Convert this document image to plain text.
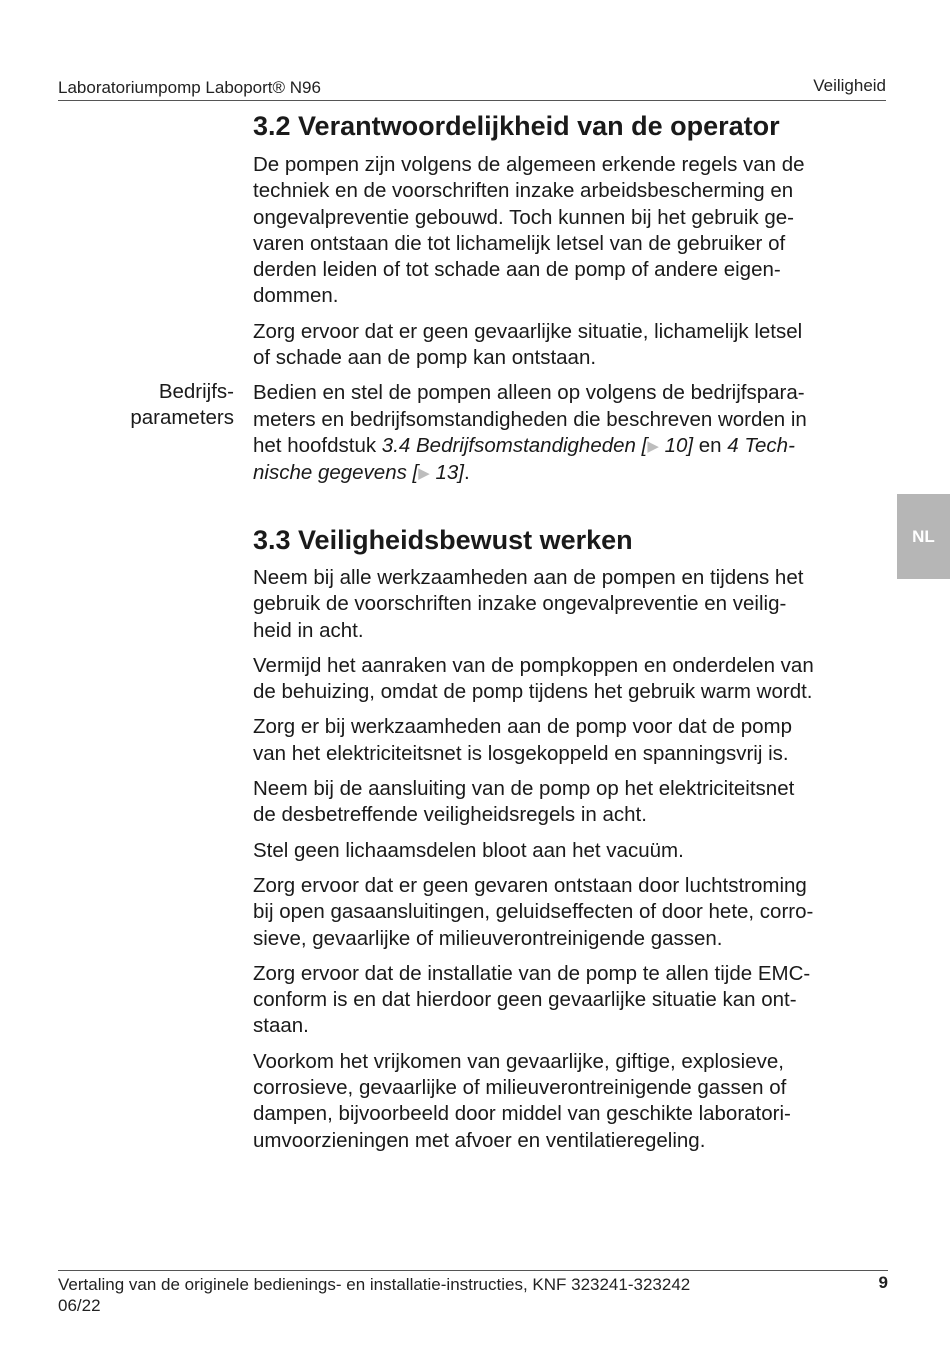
Laboratoriumpomp Laboport® N96	Veiligheid
NL
3.2 Verantwoordelijkheid van de operator

De pompen zijn volgens de algemeen erkende regels van de
techniek en de voorschriften inzake arbeidsbescherming en
ongevalpreventie gebouwd. Toch kunnen bij het gebruik ge-
varen ontstaan die tot lichamelijk letsel van de gebruiker of
derden leiden of tot schade aan de pomp of andere eigen-
dommen.

Zorg ervoor dat er geen gevaarlijke situatie, lichamelijk letsel
of schade aan de pomp kan ontstaan.

Bedien en stel de pompen alleen op volgens de bedrijfspara-
meters en bedrijfsomstandigheden die beschreven worden in
het hoofdstuk 3.4 Bedrijfsomstandigheden [▶ 10] en 4 Tech-
nische gegevens [▶ 13].

Bedrijfs-
parameters
3.3 Veiligheidsbewust werken

Neem bij alle werkzaamheden aan de pompen en tijdens het
gebruik de voorschriften inzake ongevalpreventie en veilig-
heid in acht.

Vermijd het aanraken van de pompkoppen en onderdelen van
de behuizing, omdat de pomp tijdens het gebruik warm wordt.

Zorg er bij werkzaamheden aan de pomp voor dat de pomp
van het elektriciteitsnet is losgekoppeld en spanningsvrij is.

Neem bij de aansluiting van de pomp op het elektriciteitsnet
de desbetreffende veiligheidsregels in acht.

Stel geen lichaamsdelen bloot aan het vacuüm.

Zorg ervoor dat er geen gevaren ontstaan door luchtstroming
bij open gasaansluitingen, geluidseffecten of door hete, corro-
sieve, gevaarlijke of milieuverontreinigende gassen.

Zorg ervoor dat de installatie van de pomp te allen tijde EMC-
conform is en dat hierdoor geen gevaarlijke situatie kan ont-
staan.

Voorkom het vrijkomen van gevaarlijke, giftige, explosieve,
corrosieve, gevaarlijke of milieuverontreinigende gassen of
dampen, bijvoorbeeld door middel van geschikte laboratori-
umvoorzieningen met afvoer en ventilatieregeling.

Vertaling van de originele bedienings- en installatie-instructies, KNF 323241-323242
06/22
9
